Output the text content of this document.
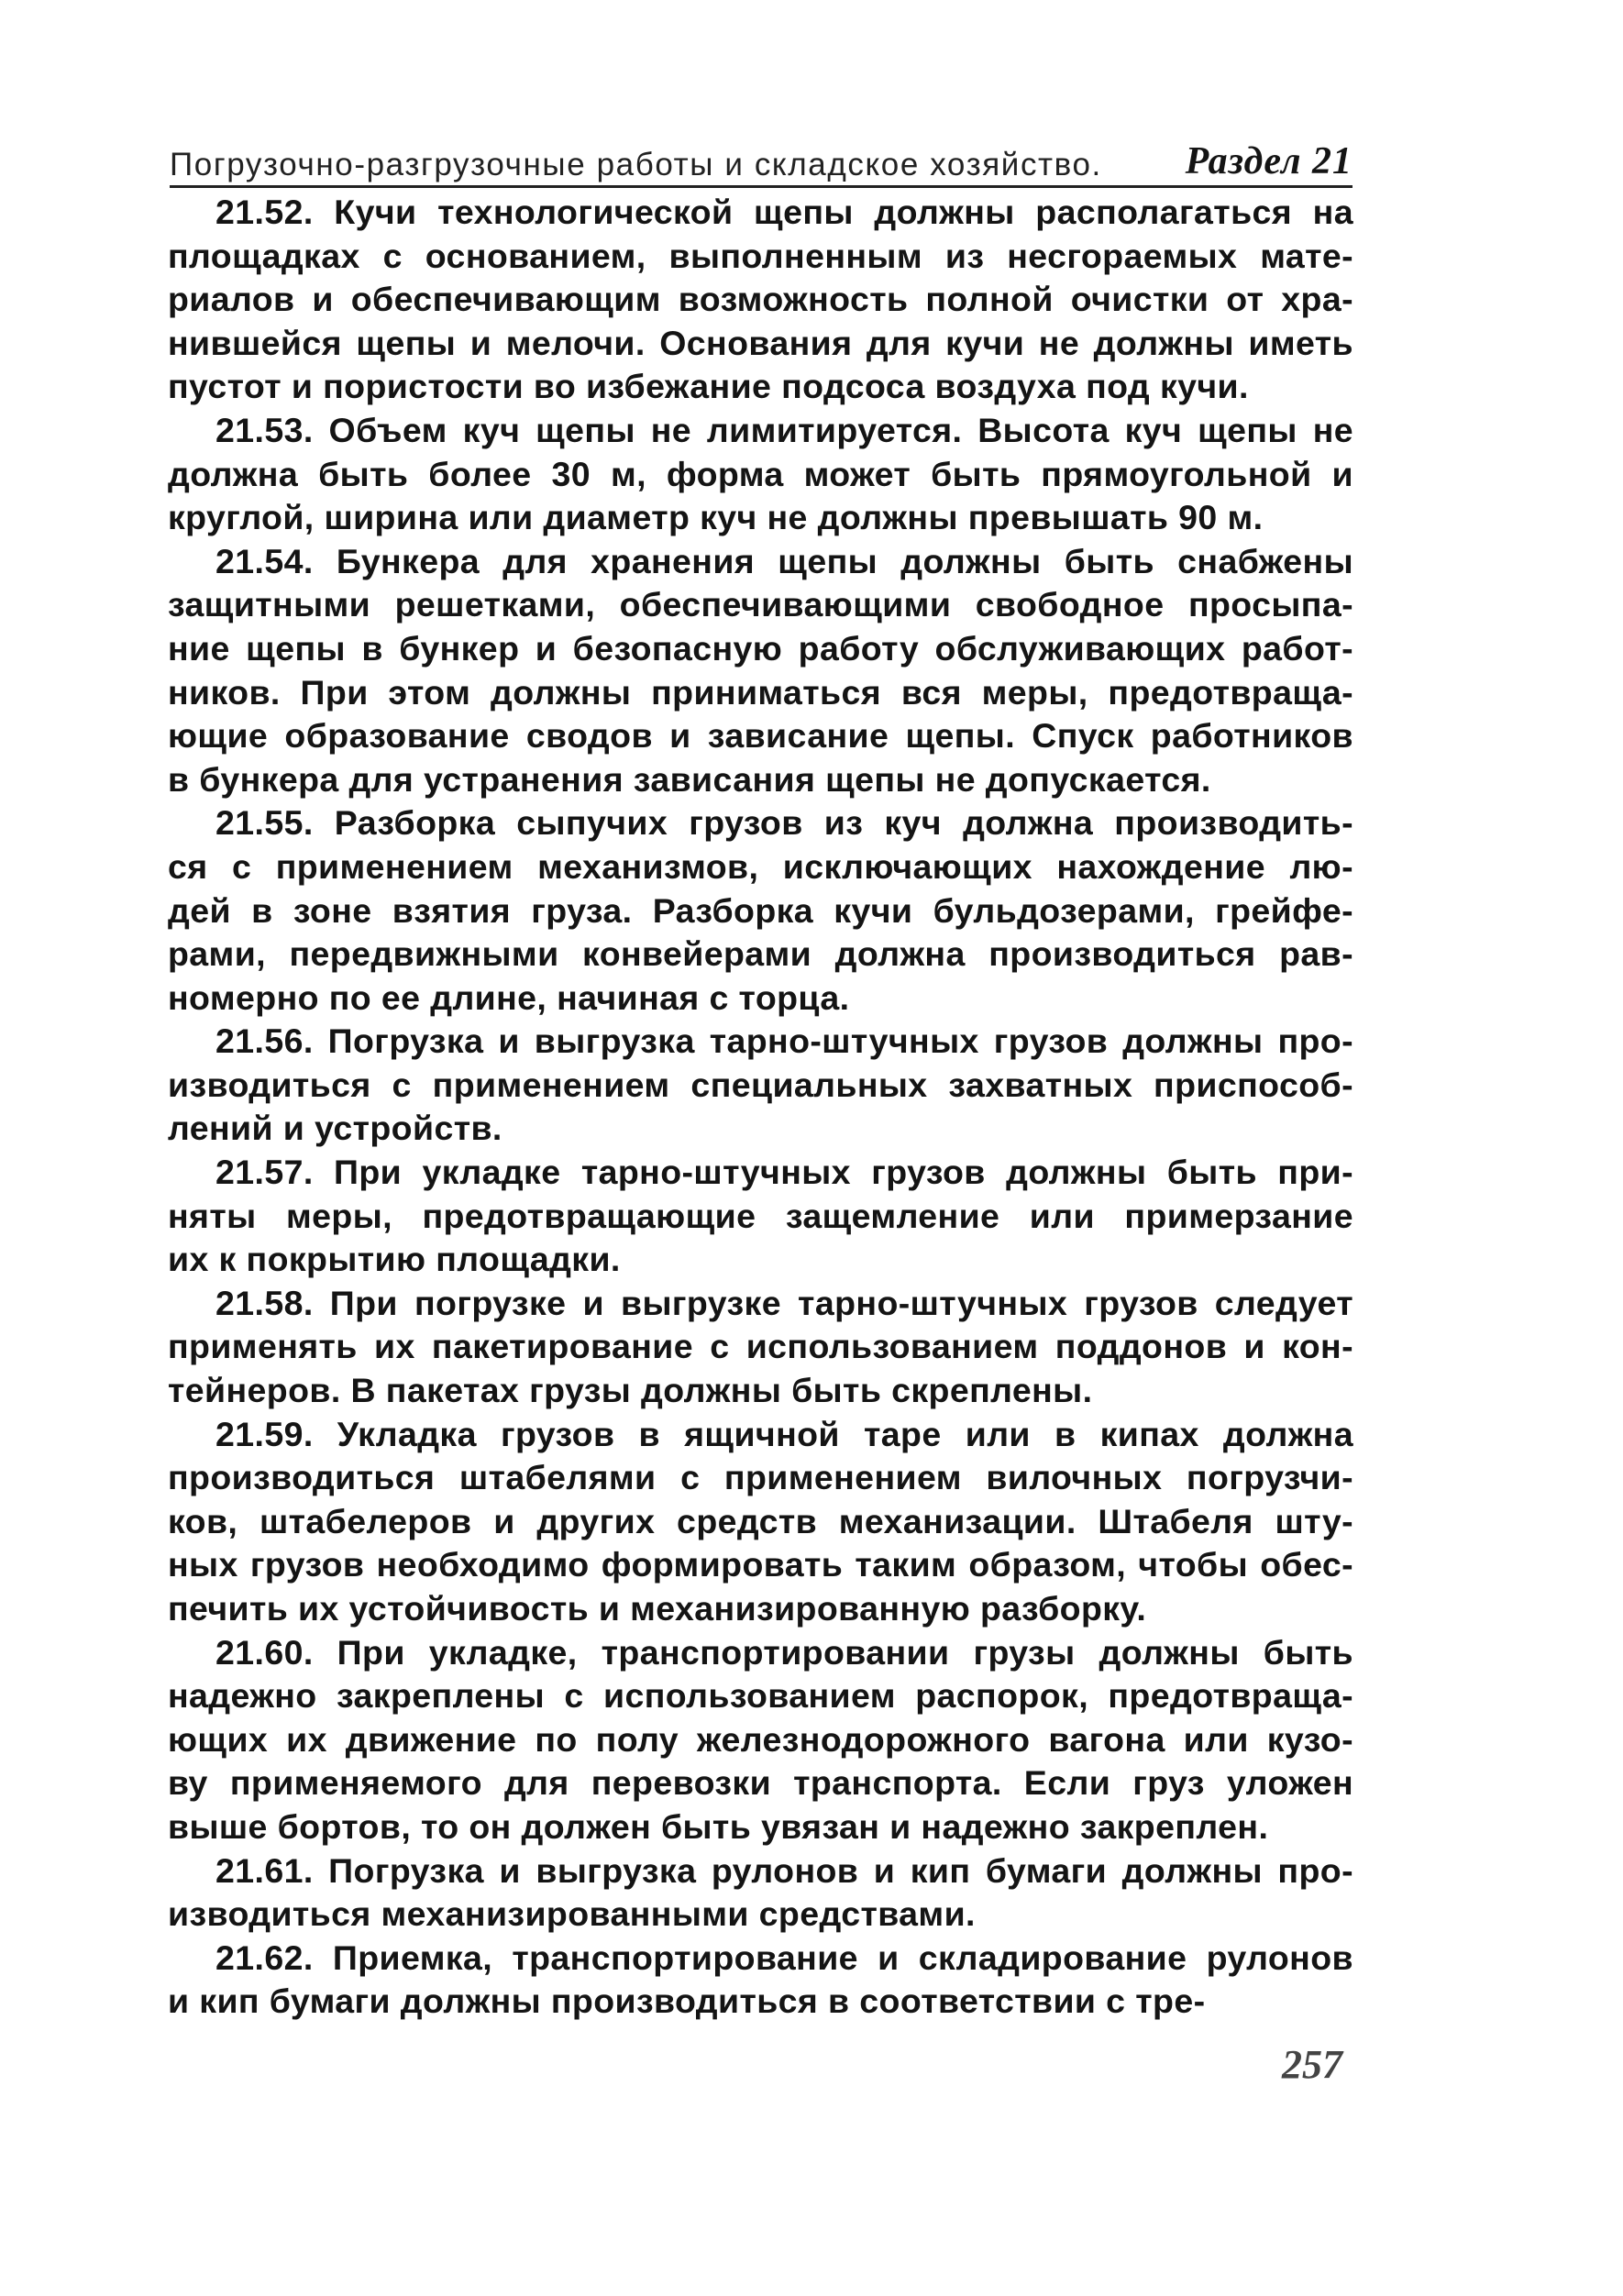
Погрузочно-разгрузочные работы и складское хозяйство. Раздел 21
21.52. Кучи технологической щепы должны располагаться на
площадках с основанием, выполненным из несгораемых мате-
риалов и обеспечивающим возможность полной очистки от хра-
нившейся щепы и мелочи. Основания для кучи не должны иметь
пустот и пористости во избежание подсоса воздуха под кучи.
21.53. Объем куч щепы не лимитируется. Высота куч щепы не
должна быть более 30 м, форма может быть прямоугольной и
круглой, ширина или диаметр куч не должны превышать 90 м.
21.54. Бункера для хранения щепы должны быть снабжены
защитными решетками, обеспечивающими свободное просыпа-
ние щепы в бункер и безопасную работу обслуживающих работ-
ников. При этом должны приниматься вся меры, предотвраща-
ющие образование сводов и зависание щепы. Спуск работников
в бункера для устранения зависания щепы не допускается.
21.55. Разборка сыпучих грузов из куч должна производить-
ся с применением механизмов, исключающих нахождение лю-
дей в зоне взятия груза. Разборка кучи бульдозерами, грейфе-
рами, передвижными конвейерами должна производиться рав-
номерно по ее длине, начиная с торца.
21.56. Погрузка и выгрузка тарно-штучных грузов должны про-
изводиться с применением специальных захватных приспособ-
лений и устройств.
21.57. При укладке тарно-штучных грузов должны быть при-
няты меры, предотвращающие защемление или примерзание
их к покрытию площадки.
21.58. При погрузке и выгрузке тарно-штучных грузов следует
применять их пакетирование с использованием поддонов и кон-
тейнеров. В пакетах грузы должны быть скреплены.
21.59. Укладка грузов в ящичной таре или в кипах должна
производиться штабелями с применением вилочных погрузчи-
ков, штабелеров и других средств механизации. Штабеля шту-
ных грузов необходимо формировать таким образом, чтобы обес-
печить их устойчивость и механизированную разборку.
21.60. При укладке, транспортировании грузы должны быть
надежно закреплены с использованием распорок, предотвраща-
ющих их движение по полу железнодорожного вагона или кузо-
ву применяемого для перевозки транспорта. Если груз уложен
выше бортов, то он должен быть увязан и надежно закреплен.
21.61. Погрузка и выгрузка рулонов и кип бумаги должны про-
изводиться механизированными средствами.
21.62. Приемка, транспортирование и складирование рулонов
и кип бумаги должны производиться в соответствии с тре-
257
